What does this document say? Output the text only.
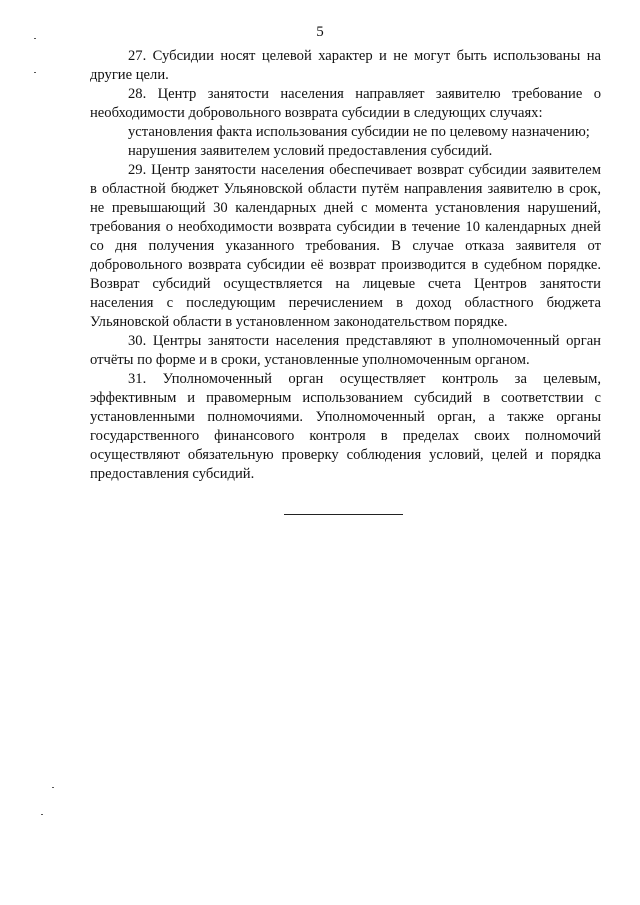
5

27. Субсидии носят целевой характер и не могут быть использованы на другие цели.

28. Центр занятости населения направляет заявителю требование о необходимости добровольного возврата субсидии в следующих случаях:

установления факта использования субсидии не по целевому назначению;

нарушения заявителем условий предоставления субсидий.

29. Центр занятости населения обеспечивает возврат субсидии заявителем в областной бюджет Ульяновской области путём направления заявителю в срок, не превышающий 30 календарных дней с момента установления нарушений, требования о необходимости возврата субсидии в течение 10 календарных дней со дня получения указанного требования. В случае отказа заявителя от добровольного возврата субсидии её возврат производится в судебном порядке. Возврат субсидий осуществляется на лицевые счета Центров занятости населения с последующим перечислением в доход областного бюджета Ульяновской области в установленном законодательством порядке.

30. Центры занятости населения представляют в уполномоченный орган отчёты по форме и в сроки, установленные уполномоченным органом.

31. Уполномоченный орган осуществляет контроль за целевым, эффективным и правомерным использованием субсидий в соответствии с установленными полномочиями. Уполномоченный орган, а также органы государственного финансового контроля в пределах своих полномочий осуществляют обязательную проверку соблюдения условий, целей и порядка предоставления субсидий.
